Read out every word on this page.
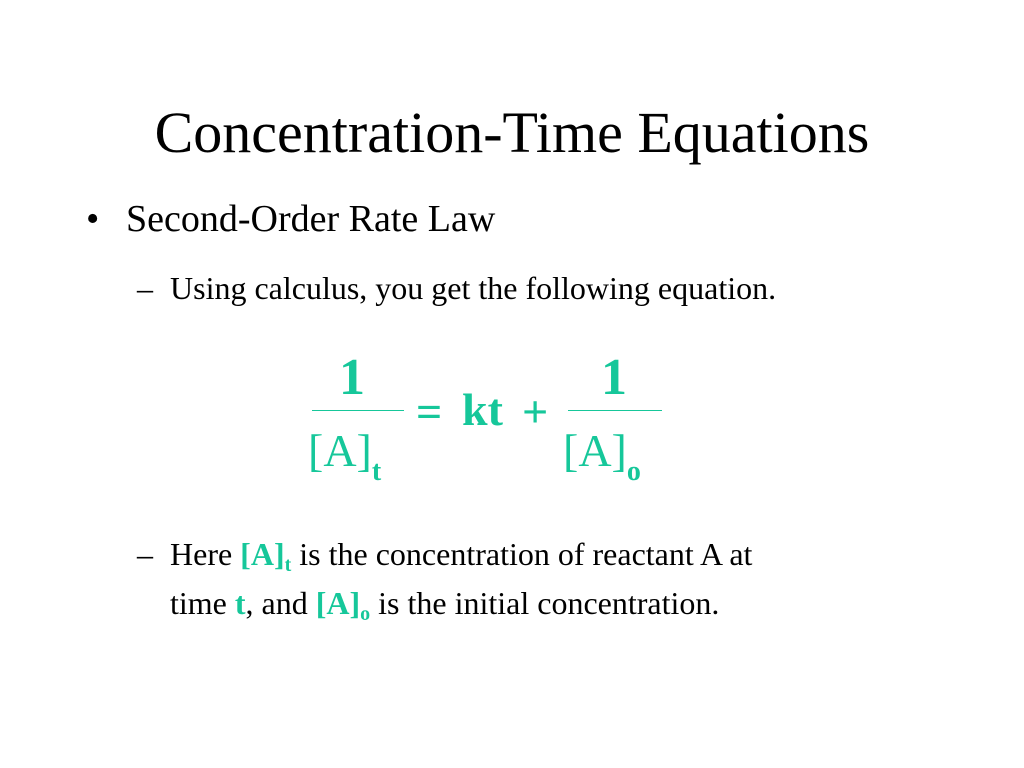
Concentration-Time Equations
• Second-Order Rate Law
– Using calculus, you get the following equation.
1
$[A]_t$
= kt +
1
$[A]_o$
– Here $[A]_t$ is the concentration of reactant A at
time t, and $[A]_o$ is the initial concentration.
